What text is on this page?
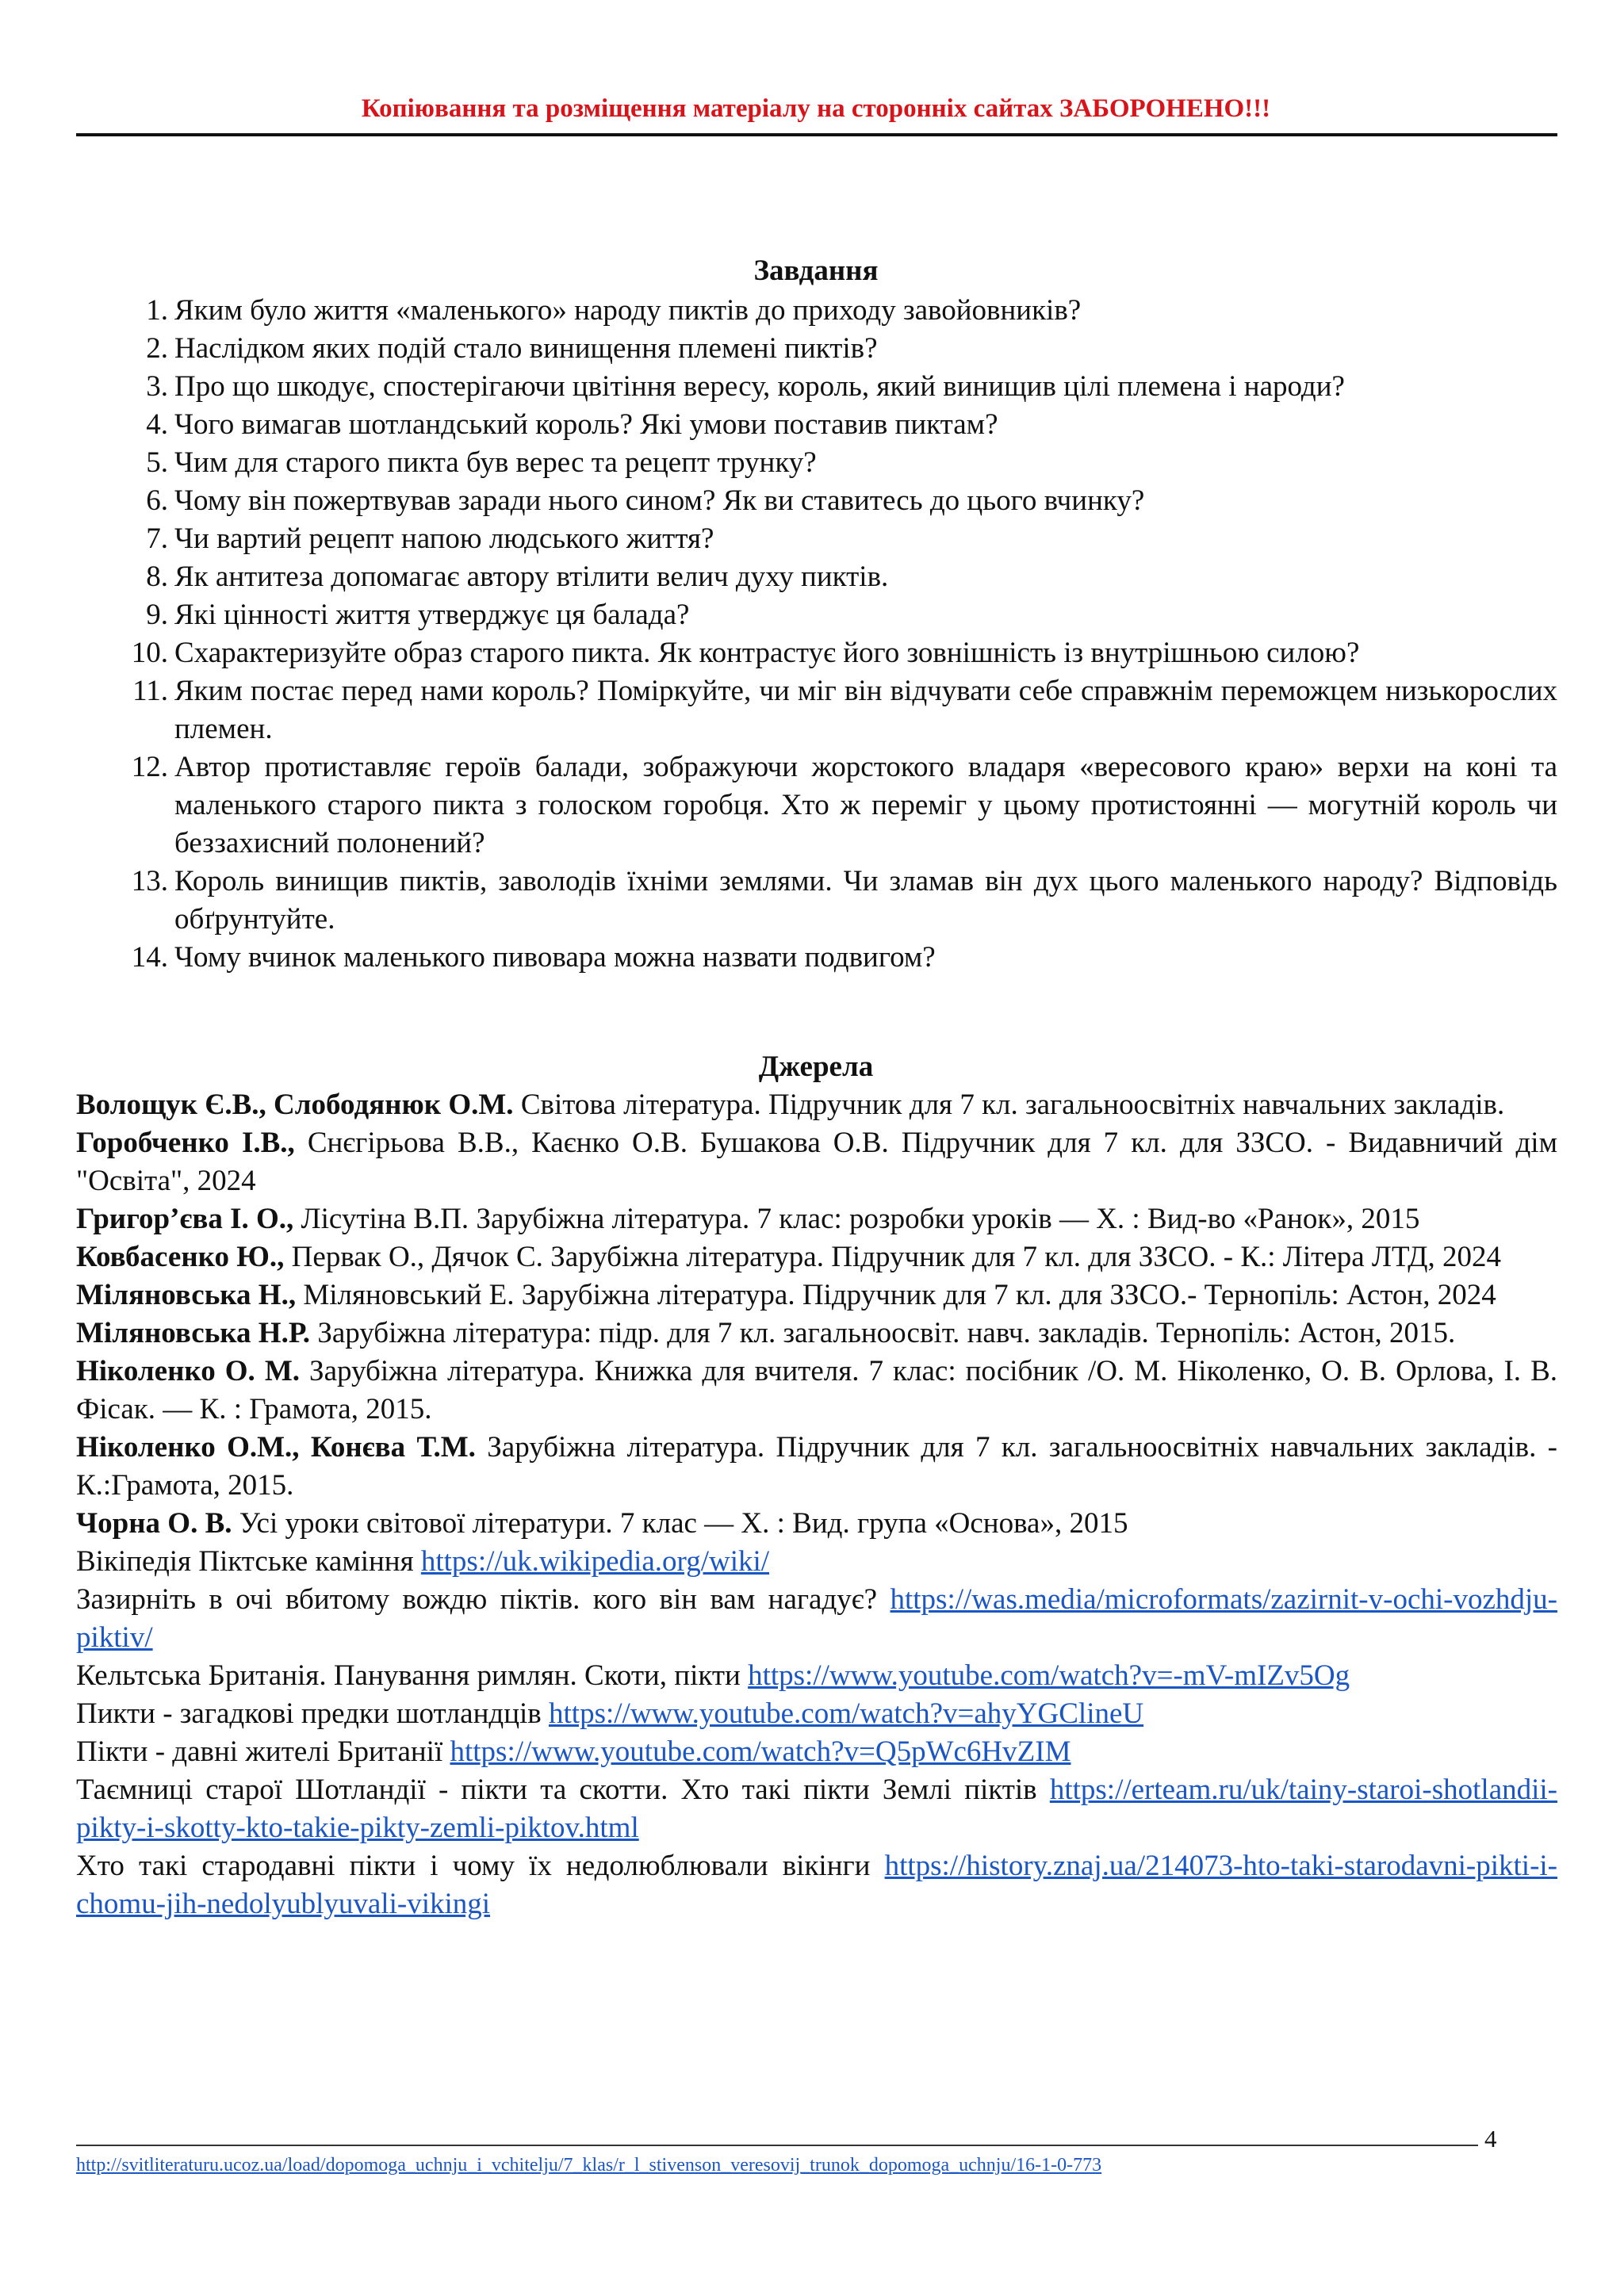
Копіювання та розміщення матеріалу на сторонніх сайтах ЗАБОРОНЕНО!!!
Завдання
1. Яким було життя «маленького» народу пиктів до приходу завойовників?
2. Наслідком яких подій стало винищення племені пиктів?
3. Про що шкодує, спостерігаючи цвітіння вересу, король, який винищив цілі племена і народи?
4. Чого вимагав шотландський король? Які умови поставив пиктам?
5. Чим для старого пикта був верес та рецепт трунку?
6. Чому він пожертвував заради нього сином? Як ви ставитесь до цього вчинку?
7. Чи вартий рецепт напою людського життя?
8. Як антитеза допомагає автору втілити велич духу пиктів.
9. Які цінності життя утверджує ця балада?
10. Схарактеризуйте образ старого пикта. Як контрастує його зовнішність із внутрішньою силою?
11. Яким постає перед нами король? Поміркуйте, чи міг він відчувати себе справжнім переможцем низькорослих племен.
12. Автор протиставляє героїв балади, зображуючи жорстокого владаря «вересового краю» верхи на коні та маленького старого пикта з голоском горобця. Хто ж переміг у цьому протистоянні — могутній король чи беззахисний полонений?
13. Король винищив пиктів, заволодів їхніми землями. Чи зламав він дух цього маленького народу? Відповідь обґрунтуйте.
14. Чому вчинок маленького пивовара можна назвати подвигом?
Джерела

Волощук Є.В., Слободянюк О.М. Світова література. Підручник для 7 кл. загальноосвітніх навчальних закладів.

Горобченко І.В., Снєгірьова В.В., Каєнко О.В. Бушакова О.В. Підручник для 7 кл. для ЗЗСО. - Видавничий дім "Освіта", 2024

Григор’єва І. О., Лісутіна В.П. Зарубіжна література. 7 клас: розробки уроків — Х. : Вид-во «Ранок», 2015

Ковбасенко Ю., Первак О., Дячок С. Зарубіжна література. Підручник для 7 кл. для ЗЗСО. - К.: Літера ЛТД, 2024

Міляновська Н., Міляновський Е. Зарубіжна література. Підручник для 7 кл. для ЗЗСО.- Тернопіль: Астон, 2024

Міляновська Н.Р. Зарубіжна література: підр. для 7 кл. загальноосвіт. навч. закладів. Тернопіль: Астон, 2015.

Ніколенко О. М. Зарубіжна література. Книжка для вчителя. 7 клас: посібник /О. М. Ніколенко, О. В. Орлова, І. В. Фісак. — К. : Грамота, 2015.

Ніколенко О.М., Конєва Т.М. Зарубіжна література. Підручник для 7 кл. загальноосвітніх навчальних закладів. - К.:Грамота, 2015.

Чорна О. В. Усі уроки світової літератури. 7 клас — Х. : Вид. група «Основа», 2015

Вікіпедія Піктське каміння https://uk.wikipedia.org/wiki/

Зазирніть в очі вбитому вождю піктів. кого він вам нагадує? https://was.media/microformats/zazirnit-v-ochi-vozhdju-piktiv/

Кельтська Британія. Панування римлян. Скоти, пікти https://www.youtube.com/watch?v=-mV-mIZv5Og

Пикти - загадкові предки шотландців https://www.youtube.com/watch?v=ahyYGClineU

Пікти - давні жителі Британії https://www.youtube.com/watch?v=Q5pWc6HvZIM

Таємниці старої Шотландії - пікти та скотти. Хто такі пікти Землі піктів https://erteam.ru/uk/tainy-staroi-shotlandii-pikty-i-skotty-kto-takie-pikty-zemli-piktov.html

Хто такі стародавні пікти і чому їх недолюблювали вікінги https://history.znaj.ua/214073-hto-taki-starodavni-pikti-i-chomu-jih-nedolyublyuvali-vikingi

4
http://svitliteraturu.ucoz.ua/load/dopomoga_uchnju_i_vchitelju/7_klas/r_l_stivenson_veresovij_trunok_dopomoga_uchnju/16-1-0-773
